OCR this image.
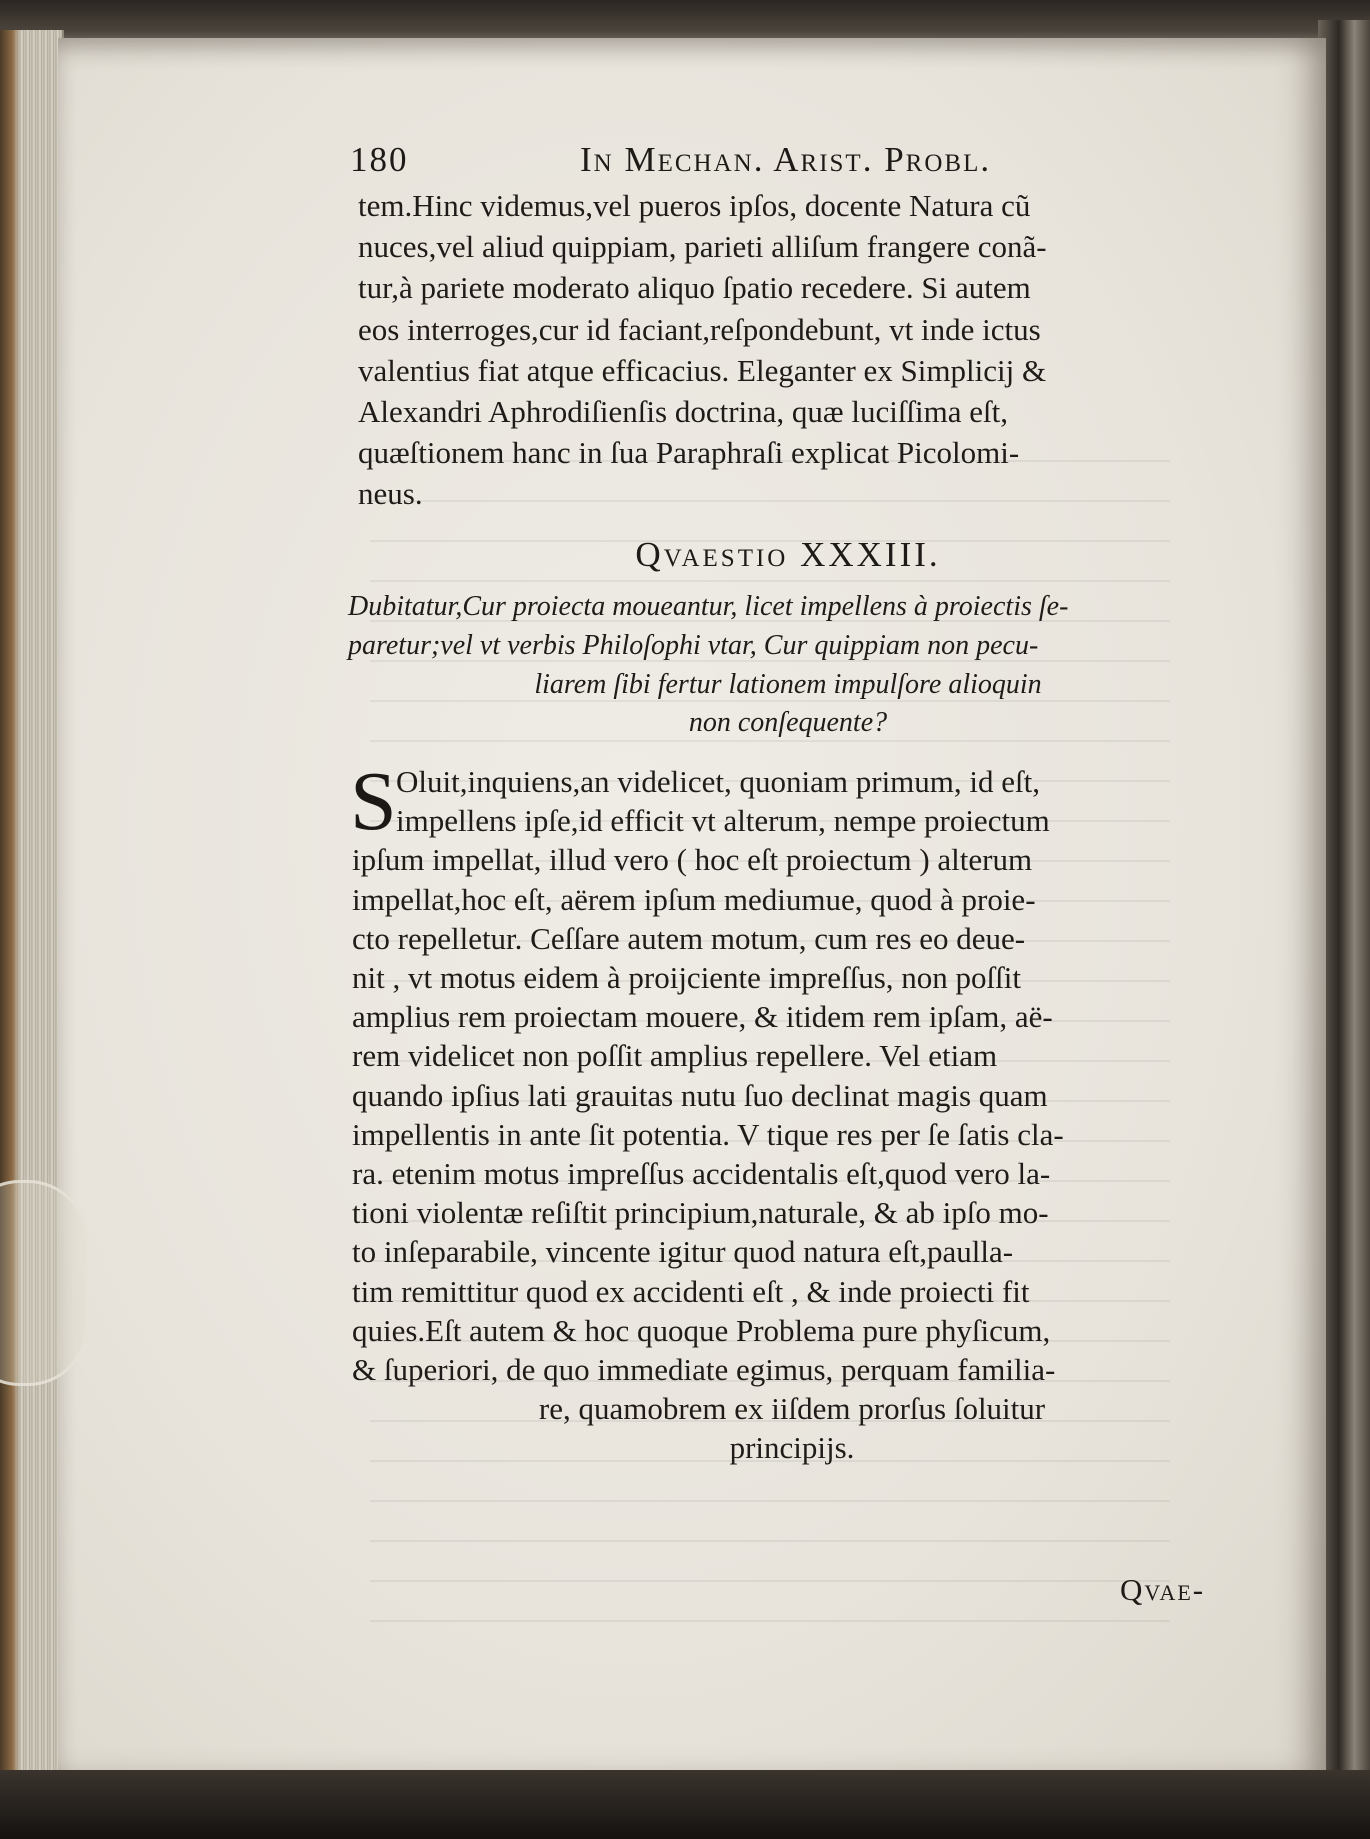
180	In Mechan. Arist. Probl.
tem.Hinc videmus,vel pueros ipſos, docente Natura cũ
nuces,vel aliud quippiam, parieti alliſum frangere conã-
tur,à pariete moderato aliquo ſpatio recedere. Si autem
eos interroges,cur id faciant,reſpondebunt, vt inde ictus
valentius fiat atque efficacius. Eleganter ex Simplicij &
Alexandri Aphrodiſienſis doctrina, quæ luciſſima eſt,
quæſtionem hanc in ſua Paraphraſi explicat Picolomi-
neus.
Qvaestio XXXIII.
Dubitatur,Cur proiecta moueantur, licet impellens à proiectis ſe-
paretur;vel vt verbis Philoſophi vtar, Cur quippiam non pecu-
liarem ſibi fertur lationem impulſore alioquin
non conſequente?
S Oluit,inquiens,an videlicet, quoniam primum, id eſt,
impellens ipſe,id efficit vt alterum, nempe proiectum
ipſum impellat, illud vero ( hoc eſt proiectum ) alterum
impellat,hoc eſt, aërem ipſum mediumue, quod à proie-
cto repelletur. Ceſſare autem motum, cum res eo deue-
nit , vt motus eidem à proijciente impreſſus, non poſſit
amplius rem proiectam mouere, & itidem rem ipſam, aë-
rem videlicet non poſſit amplius repellere. Vel etiam
quando ipſius lati grauitas nutu ſuo declinat magis quam
impellentis in ante ſit potentia. V tique res per ſe ſatis cla-
ra. etenim motus impreſſus accidentalis eſt,quod vero la-
tioni violentæ reſiſtit principium,naturale, & ab ipſo mo-
to inſeparabile, vincente igitur quod natura eſt,paulla-
tim remittitur quod ex accidenti eſt , & inde proiecti fit
quies.Eſt autem & hoc quoque Problema pure phyſicum,
& ſuperiori, de quo immediate egimus, perquam familia-
re, quamobrem ex iiſdem prorſus ſoluitur
principijs.
Qvae-
